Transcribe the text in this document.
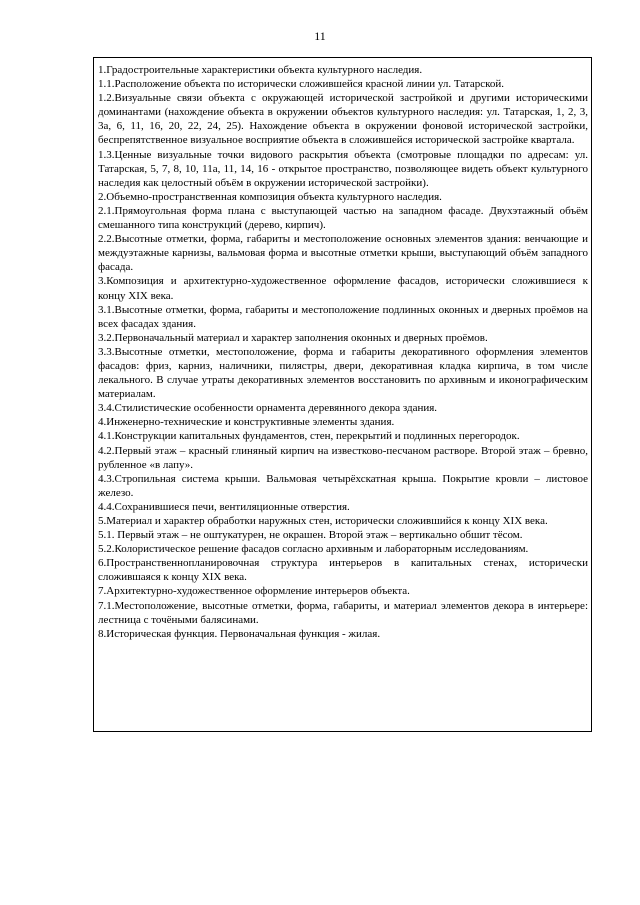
11

1.Градостроительные характеристики объекта культурного наследия.

1.1.Расположение объекта по исторически сложившейся красной линии ул. Татарской.

1.2.Визуальные связи объекта с окружающей исторической застройкой и другими историческими доминантами (нахождение объекта в окружении объектов культурного наследия: ул. Татарская, 1, 2, 3, 3а, 6, 11, 16, 20, 22, 24, 25). Нахождение объекта в окружении фоновой исторической застройки, беспрепятственное визуальное восприятие объекта в сложившейся исторической застройке квартала.

1.3.Ценные визуальные точки видового раскрытия объекта (смотровые площадки по адресам: ул. Татарская, 5, 7, 8, 10, 11а, 11, 14, 16 - открытое пространство, позволяющее видеть объект культурного наследия как целостный объём в окружении исторической застройки).

2.Объемно-пространственная композиция объекта культурного наследия.

2.1.Прямоугольная форма плана с выступающей частью на западном фасаде. Двухэтажный объём смешанного типа конструкций (дерево, кирпич).

2.2.Высотные отметки, форма, габариты и местоположение основных элементов здания: венчающие и междуэтажные карнизы, вальмовая форма и высотные отметки крыши, выступающий объём западного фасада.

3.Композиция и архитектурно-художественное оформление фасадов, исторически сложившиеся к концу XIX века.

3.1.Высотные отметки, форма, габариты и местоположение подлинных оконных и дверных проёмов на всех фасадах здания.

3.2.Первоначальный материал и характер заполнения оконных и дверных проёмов.

3.3.Высотные отметки, местоположение, форма и габариты декоративного оформления элементов фасадов: фриз, карниз, наличники, пилястры, двери, декоративная кладка кирпича, в том числе лекального. В случае утраты декоративных элементов восстановить по архивным и иконографическим материалам.

3.4.Стилистические особенности орнамента деревянного декора здания.

4.Инженерно-технические и конструктивные элементы здания.

4.1.Конструкции капитальных фундаментов, стен, перекрытий и подлинных перегородок.

4.2.Первый этаж – красный глиняный кирпич на известково-песчаном растворе. Второй этаж – бревно, рубленное «в лапу».

4.3.Стропильная система крыши. Вальмовая четырёхскатная крыша. Покрытие кровли – листовое железо.

4.4.Сохранившиеся печи, вентиляционные отверстия.

5.Материал и характер обработки наружных стен, исторически сложившийся к концу XIX века.

5.1. Первый этаж – не оштукатурен, не окрашен. Второй этаж – вертикально обшит тёсом.

5.2.Колористическое решение фасадов согласно архивным и лабораторным исследованиям.

6.Пространственнопланировочная структура интерьеров в капитальных стенах, исторически сложившаяся к концу XIX века.

7.Архитектурно-художественное оформление интерьеров объекта.

7.1.Местоположение, высотные отметки, форма, габариты, и материал элементов декора в интерьере: лестница с точёными балясинами.

8.Историческая функция. Первоначальная функция - жилая.
